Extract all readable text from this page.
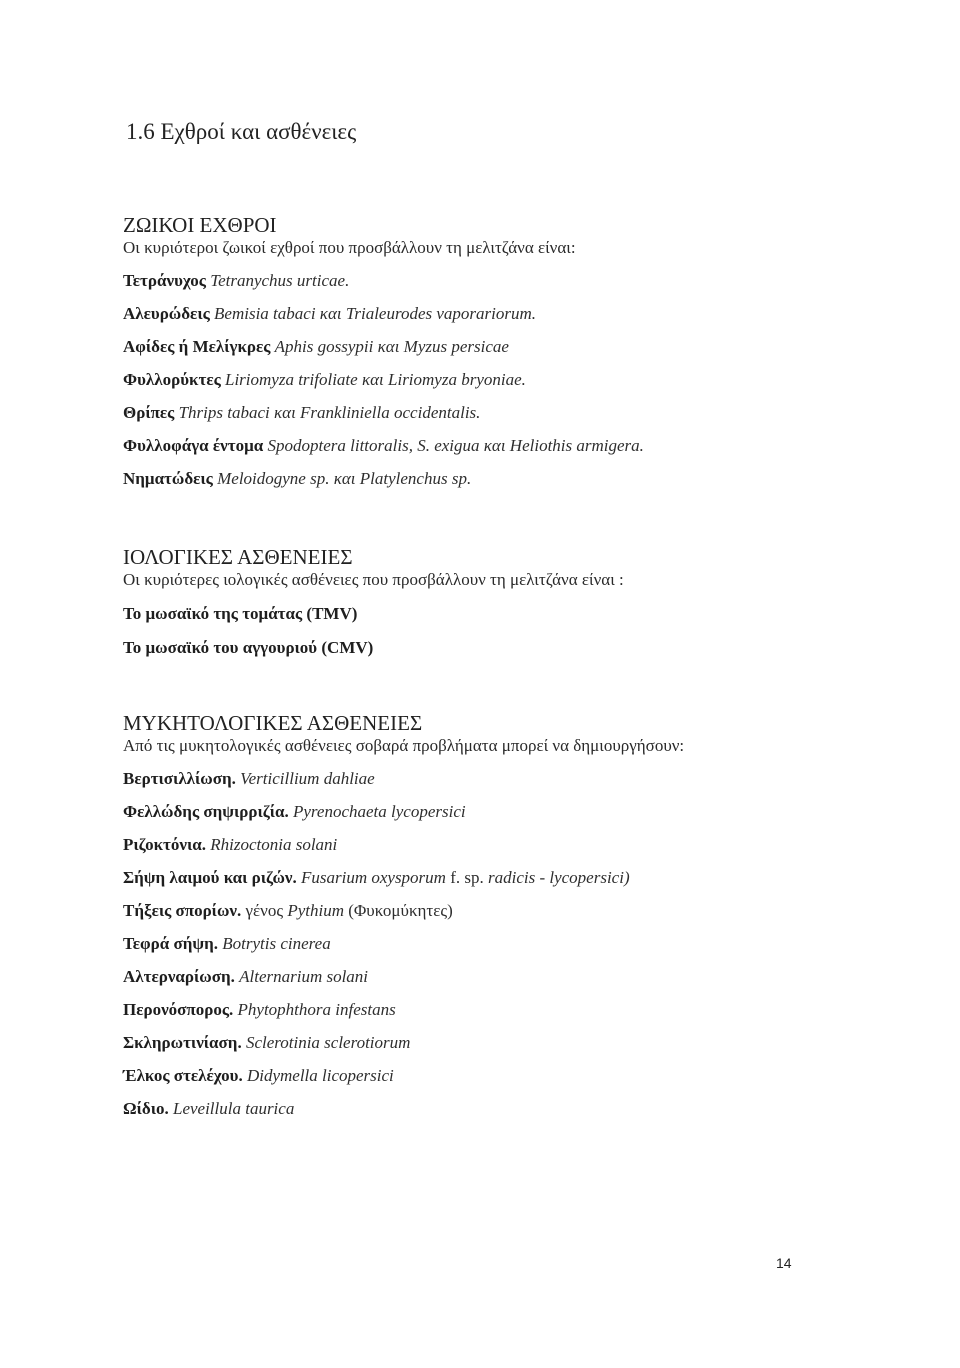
1.6 Εχθροί και ασθένειες
ΖΩΙΚΟΙ ΕΧΘΡΟΙ

Οι κυριότεροι ζωικοί εχθροί που προσβάλλουν τη μελιτζάνα είναι:

Τετράνυχος Tetranychus urticae.

Αλευρώδεις Bemisia tabaci και Trialeurodes vaporariorum.

Αφίδες ή Μελίγκρες Aphis gossypii και Myzus persicae

Φυλλορύκτες Liriomyza trifoliate και Liriomyza bryoniae.

Θρίπες Thrips tabaci και Frankliniella occidentalis.

Φυλλοφάγα έντομα Spodoptera littoralis, S. exigua και Heliothis armigera.

Νηματώδεις Meloidogyne sp. και Platylenchus sp.

ΙΟΛΟΓΙΚΕΣ ΑΣΘΕΝΕΙΕΣ

Οι κυριότερες ιολογικές ασθένειες που προσβάλλουν τη μελιτζάνα είναι :

Το μωσαϊκό της τομάτας (TMV)

Το μωσαϊκό του αγγουριού (CMV)

ΜΥΚΗΤΟΛΟΓΙΚΕΣ ΑΣΘΕΝΕΙΕΣ

Από τις μυκητολογικές ασθένειες σοβαρά προβλήματα μπορεί να δημιουργήσουν:

Βερτισιλλίωση. Verticillium dahliae

Φελλώδης σηψιρριζία. Pyrenochaeta lycopersici

Ριζοκτόνια. Rhizoctonia solani

Σήψη λαιμού και ριζών. Fusarium oxysporum f. sp. radicis - lycopersici)

Τήξεις σπορίων. γένος Pythium (Φυκομύκητες)

Τεφρά σήψη. Botrytis cinerea

Αλτερναρίωση. Alternarium solani

Περονόσπορος. Phytophthora infestans

Σκληρωτινίαση. Sclerotinia sclerotiorum

Έλκος στελέχου. Didymella licopersici

Ωίδιο. Leveillula taurica

14
